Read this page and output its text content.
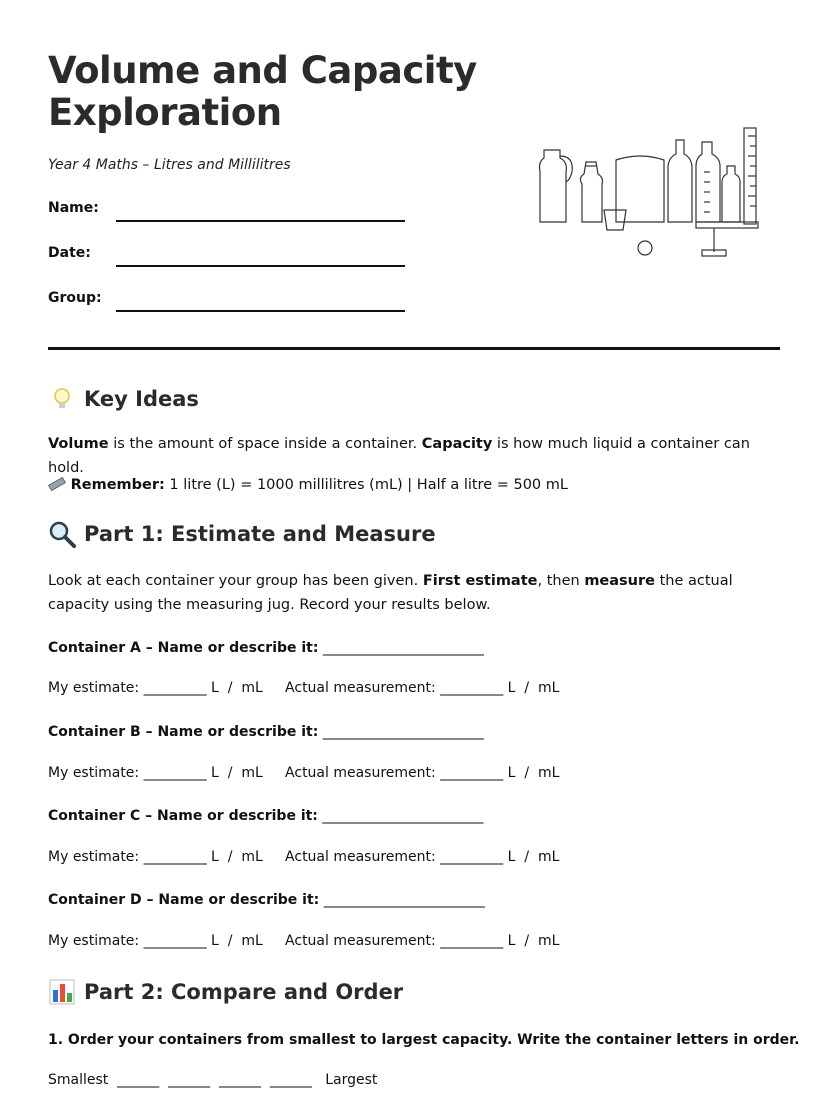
Volume and Capacity Exploration
Year 4 Maths – Litres and Millilitres
Name:
Date:
Group:
Key Ideas
Volume is the amount of space inside a container. Capacity is how much liquid a container can hold.
Remember: 1 litre (L) = 1000 millilitres (mL) | Half a litre = 500 mL
Part 1: Estimate and Measure
Look at each container your group has been given. First estimate, then measure the actual capacity using the measuring jug. Record your results below.
Container A – Name or describe it: _______________________
My estimate: _________ L  /  mL     Actual measurement: _________ L  /  mL
Container B – Name or describe it: _______________________
My estimate: _________ L  /  mL     Actual measurement: _________ L  /  mL
Container C – Name or describe it: _______________________
My estimate: _________ L  /  mL     Actual measurement: _________ L  /  mL
Container D – Name or describe it: _______________________
My estimate: _________ L  /  mL     Actual measurement: _________ L  /  mL
Part 2: Compare and Order
1. Order your containers from smallest to largest capacity. Write the container letters in order.
Smallest  ______  ______  ______  ______   Largest
